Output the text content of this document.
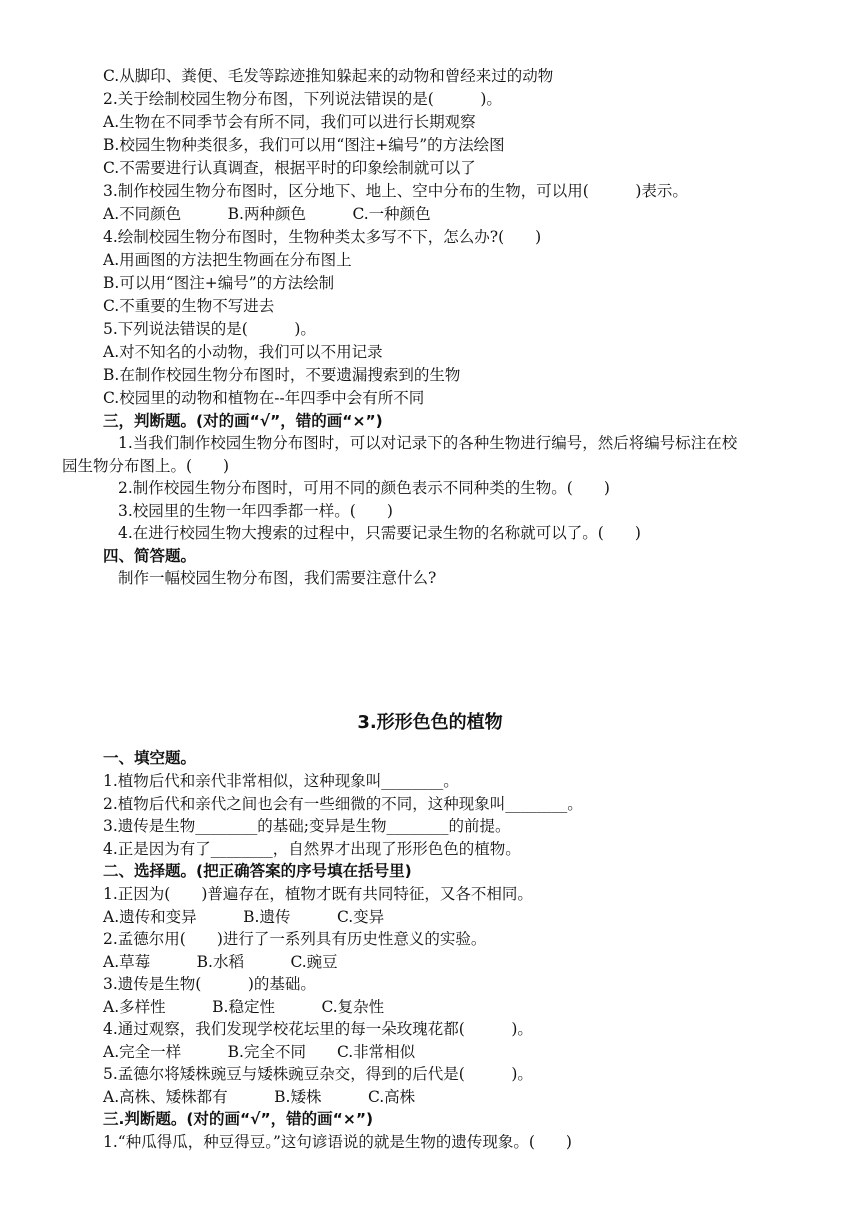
C.从脚印、粪便、毛发等踪迹推知躲起来的动物和曾经来过的动物
2.关于绘制校园生物分布图，下列说法错误的是(　　　)。
A.生物在不同季节会有所不同，我们可以进行长期观察
B.校园生物种类很多，我们可以用“图注+编号”的方法绘图
C.不需要进行认真调查，根据平时的印象绘制就可以了
3.制作校园生物分布图时，区分地下、地上、空中分布的生物，可以用(　　　)表示。
A.不同颜色　　　B.两种颜色　　　C.一种颜色
4.绘制校园生物分布图时，生物种类太多写不下，怎么办?(　　)
A.用画图的方法把生物画在分布图上
B.可以用“图注+编号”的方法绘制
C.不重要的生物不写进去
5.下列说法错误的是(　　　)。
A.对不知名的小动物，我们可以不用记录
B.在制作校园生物分布图时，不要遗漏搜索到的生物
C.校园里的动物和植物在--年四季中会有所不同
三，判断题。(对的画“√”，错的画“×”)
1.当我们制作校园生物分布图时，可以对记录下的各种生物进行编号，然后将编号标注在校
园生物分布图上。(　　)
2.制作校园生物分布图时，可用不同的颜色表示不同种类的生物。(　　)
3.校园里的生物一年四季都一样。(　　)
4.在进行校园生物大搜索的过程中，只需要记录生物的名称就可以了。(　　)
四、简答题。
制作一幅校园生物分布图，我们需要注意什么?
3.形形色色的植物
一、填空题。
1.植物后代和亲代非常相似，这种现象叫________。
2.植物后代和亲代之间也会有一些细微的不同，这种现象叫________。
3.遗传是生物________的基础;变异是生物________的前提。
4.正是因为有了________，自然界才出现了形形色色的植物。
二、选择题。(把正确答案的序号填在括号里)
1.正因为(　　)普遍存在，植物才既有共同特征，又各不相同。
A.遗传和变异　　　B.遗传　　　C.变异
2.孟德尔用(　　)进行了一系列具有历史性意义的实验。
A.草莓　　　B.水稻　　　C.豌豆
3.遗传是生物(　　　)的基础。
A.多样性　　　B.稳定性　　　C.复杂性
4.通过观察，我们发现学校花坛里的每一朵玫瑰花都(　　　)。
A.完全一样　　　B.完全不同　　C.非常相似
5.孟德尔将矮株豌豆与矮株豌豆杂交，得到的后代是(　　　)。
A.高株、矮株都有　　　B.矮株　　　C.高株
三.判断题。(对的画“√”，错的画“×”)
1.“种瓜得瓜，种豆得豆。”这句谚语说的就是生物的遗传现象。(　　)
